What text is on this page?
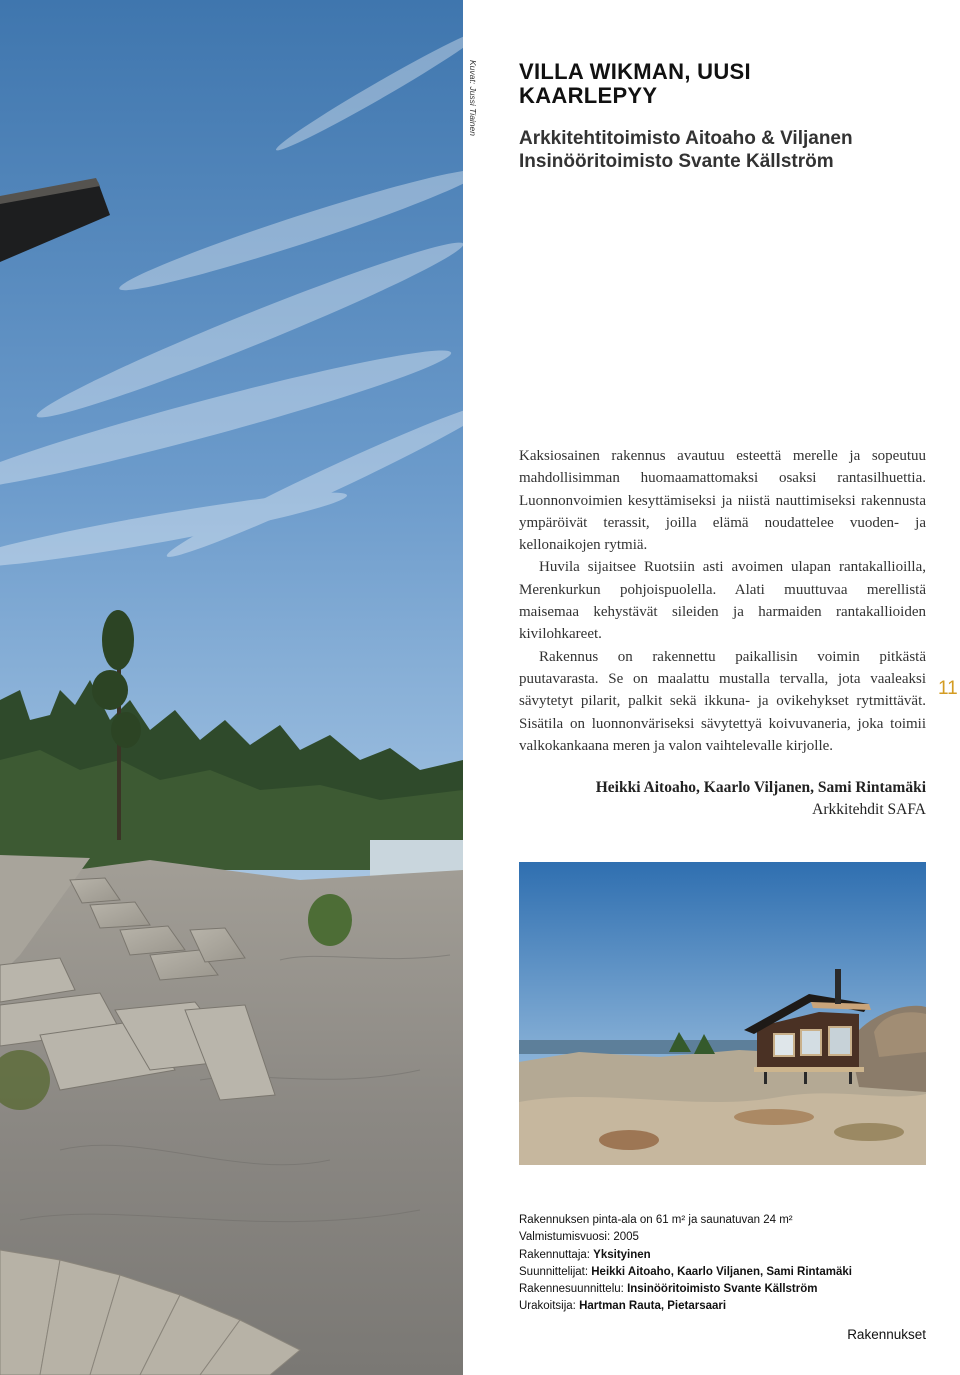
Kuvat: Jussi Tiainen VILLA WIKMAN, UUSI
KAARLEPYY
Arkkitehtitoimisto Aitoaho & Viljanen
Insinööritoimisto Svante Källström

Kaksiosainen rakennus avautuu esteettä merelle ja sopeutuu mahdollisimman huomaamattomaksi osaksi rantasilhuettia. Luonnonvoimien kesyttämiseksi ja niistä nauttimiseksi rakennusta ympäröivät terassit, joilla elämä noudattelee vuoden- ja kellonaikojen rytmiä.

Huvila sijaitsee Ruotsiin asti avoimen ulapan rantakallioilla, Merenkurkun pohjoispuolella. Alati muuttuvaa merellistä maisemaa kehystävät sileiden ja harmaiden rantakallioiden kivilohkareet.

Rakennus on rakennettu paikallisin voimin pitkästä puutavarasta. Se on maalattu mustalla tervalla, jota vaaleaksi sävytetyt pilarit, palkit sekä ikkuna- ja ovikehykset rytmittävät. Sisätila on luonnonväriseksi sävytettyä koivuvaneria, joka toimii valkokankaana meren ja valon vaihtelevalle kirjolle.

11
Heikki Aitoaho, Kaarlo Viljanen, Sami Rintamäki
Arkkitehdit SAFA
Rakennuksen pinta-ala on 61 m² ja saunatuvan 24 m²
Valmistumisvuosi: 2005
Rakennuttaja: Yksityinen
Suunnittelijat: Heikki Aitoaho, Kaarlo Viljanen, Sami Rintamäki
Rakennesuunnittelu: Insinööritoimisto Svante Källström
Urakoitsija: Hartman Rauta, Pietarsaari
Rakennukset
